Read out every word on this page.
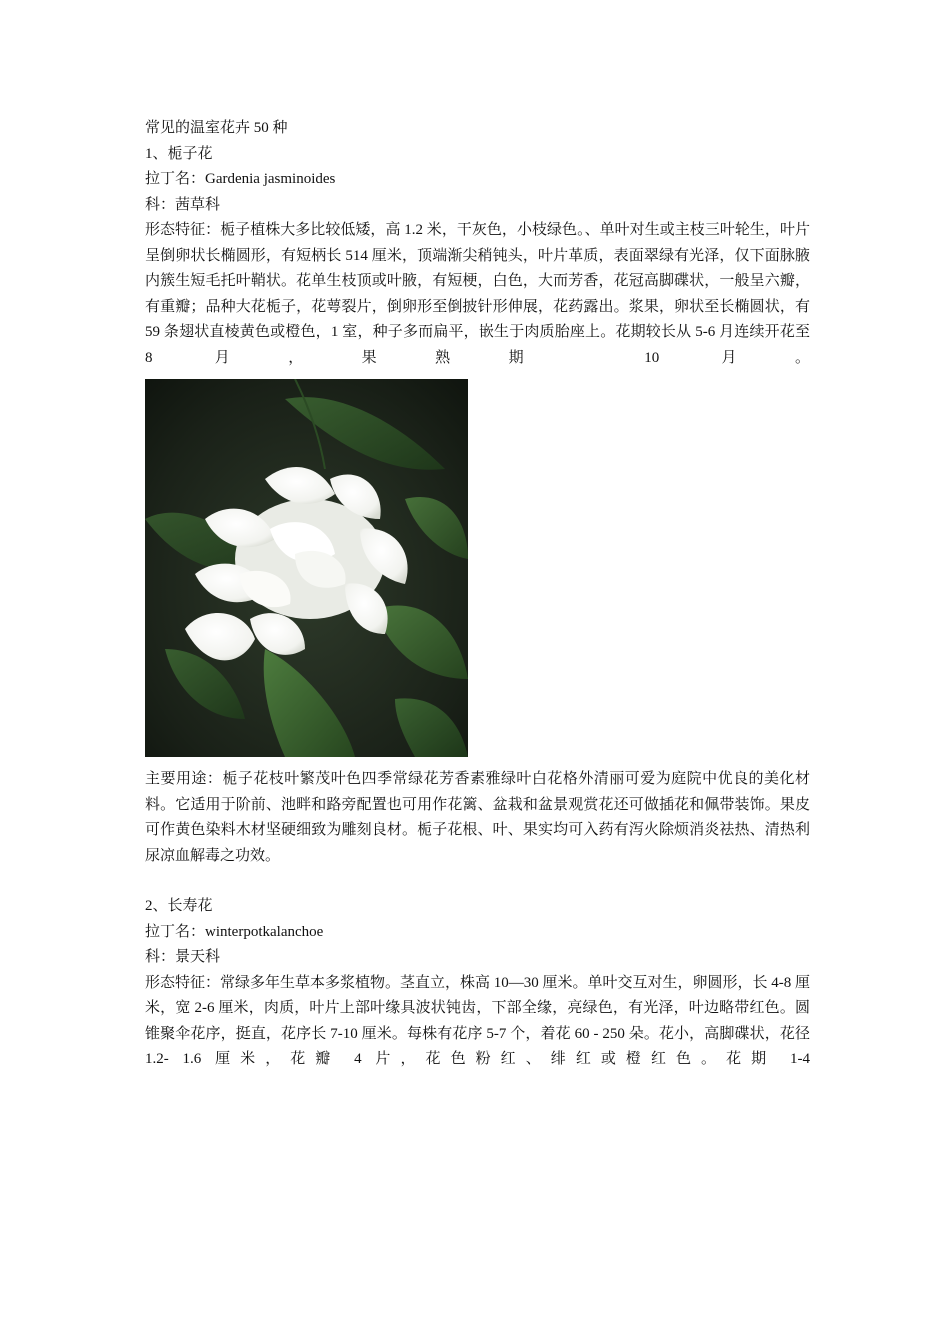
常见的温室花卉 50 种
1、栀子花
拉丁名：Gardenia jasminoides
科：茜草科

形态特征：栀子植株大多比较低矮，高 1.2 米，干灰色，小枝绿色。、单叶对生或主枝三叶轮生，叶片呈倒卵状长椭圆形，有短柄长 514 厘米，顶端渐尖稍钝头，叶片革质，表面翠绿有光泽，仅下面脉腋内簇生短毛托叶鞘状。花单生枝顶或叶腋，有短梗，白色，大而芳香，花冠高脚碟状，一般呈六瓣，有重瓣；品种大花栀子，花萼裂片，倒卵形至倒披针形伸展，花药露出。浆果，卵状至长椭圆状，有 59 条翅状直棱黄色或橙色，1 室，种子多而扁平，嵌生于肉质胎座上。花期较长从 5-6 月连续开花至 8 月，果熟期 10 月。

主要用途：栀子花枝叶繁茂叶色四季常绿花芳香素雅绿叶白花格外清丽可爱为庭院中优良的美化材料。它适用于阶前、池畔和路旁配置也可用作花篱、盆栽和盆景观赏花还可做插花和佩带装饰。果皮可作黄色染料木材坚硬细致为雕刻良材。栀子花根、叶、果实均可入药有泻火除烦消炎祛热、清热利尿凉血解毒之功效。

2、长寿花
拉丁名：winterpotkalanchoe
科：景天科

形态特征：常绿多年生草本多浆植物。茎直立，株高 10—30 厘米。单叶交互对生，卵圆形，长 4-8 厘米，宽 2-6 厘米，肉质，叶片上部叶缘具波状钝齿，下部全缘，亮绿色，有光泽，叶边略带红色。圆锥聚伞花序，挺直，花序长 7-10 厘米。每株有花序 5-7 个，着花 60 - 250 朵。花小，高脚碟状，花径 1.2- 1.6 厘米，花瓣 4 片，花色粉红、绯红或橙红色。花期 1-4
